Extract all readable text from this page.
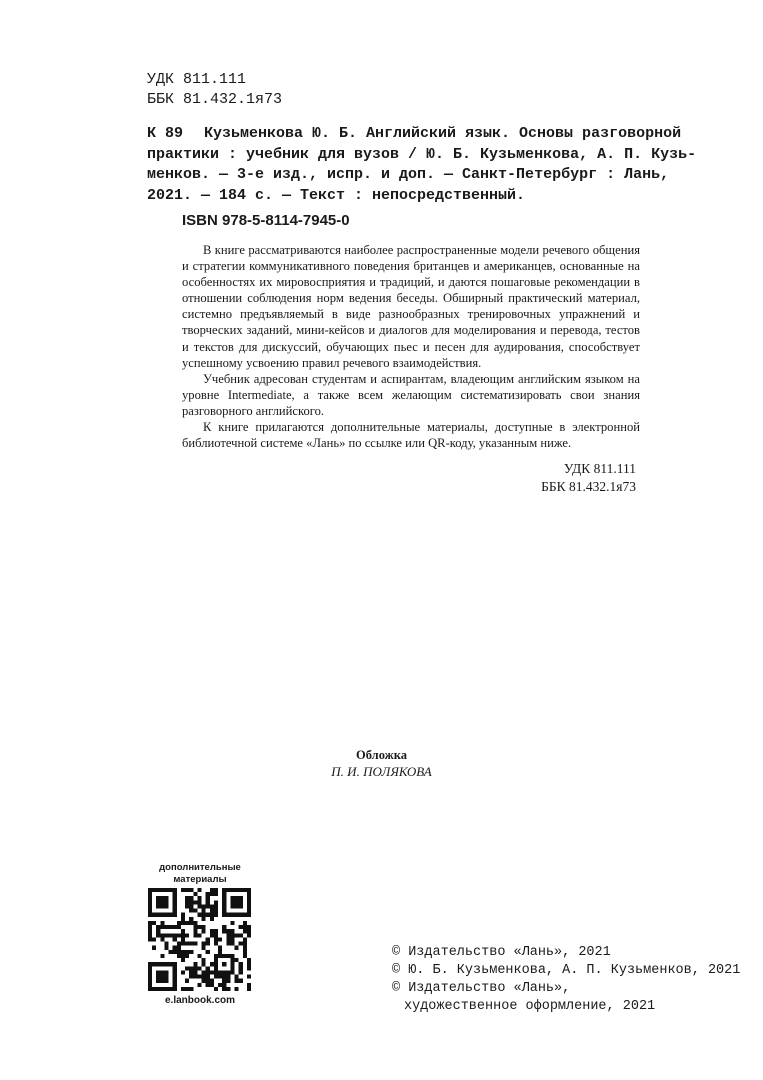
УДК 811.111
ББК 81.432.1я73
К 89	Кузьменкова Ю. Б. Английский язык. Основы разговорной
практики : учебник для вузов / Ю. Б. Кузьменкова, А. П. Кузь-
менков. — 3-е изд., испр. и доп. — Санкт-Петербург : Лань,
2021. — 184 с. — Текст : непосредственный.
ISBN 978-5-8114-7945-0

В книге рассматриваются наиболее распространенные модели речевого общения и стратегии коммуникативного поведения британцев и американцев, основанные на особенностях их мировосприятия и традиций, и даются пошаговые рекомендации в отношении соблюдения норм ведения беседы. Обширный практический материал, системно предъявляемый в виде разнообразных тренировочных упражнений и творческих заданий, мини-кейсов и диалогов для моделирования и перевода, тестов и текстов для дискуссий, обучающих пьес и песен для аудирования, способствует успешному усвоению правил речевого взаимодействия.

Учебник адресован студентам и аспирантам, владеющим английским языком на уровне Intermediate, а также всем желающим систематизировать свои знания разговорного английского.

К книге прилагаются дополнительные материалы, доступные в электронной библиотечной системе «Лань» по ссылке или QR-коду, указанным ниже.

УДК 811.111
ББК 81.432.1я73
Обложка
П. И. ПОЛЯКОВА
дополнительные
материалы
e.lanbook.com
© Издательство «Лань», 2021
© Ю. Б. Кузьменкова, А. П. Кузьменков, 2021
© Издательство «Лань»,
художественное оформление, 2021
